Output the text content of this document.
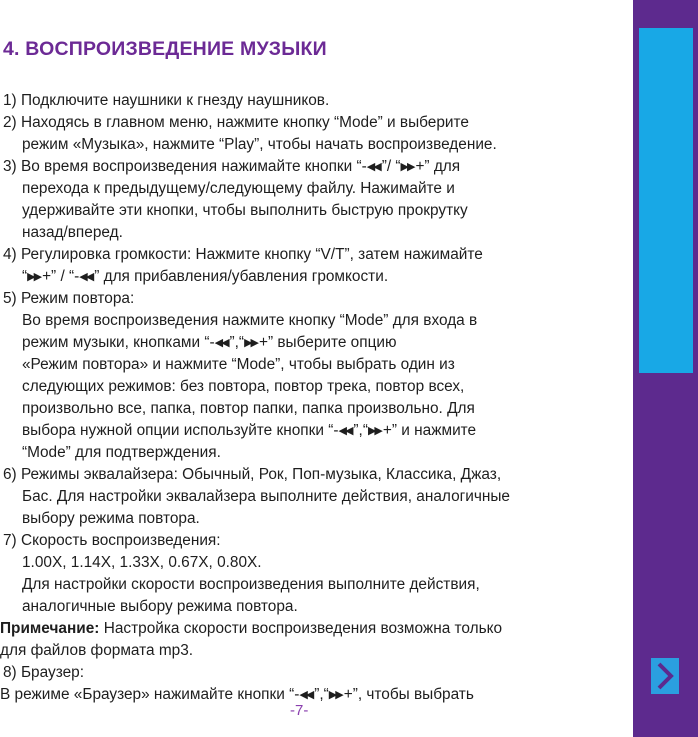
4. ВОСПРОИЗВЕДЕНИЕ МУЗЫКИ
1) Подключите наушники к гнезду наушников.
2) Находясь в главном меню, нажмите кнопку “Mode” и выберите
режим «Музыка», нажмите “Play”, чтобы начать воспроизведение.
3) Во время воспроизведения нажимайте кнопки “-◀◀ ”/ “▶▶ +” для
перехода к предыдущему/следующему файлу. Нажимайте и
удерживайте эти кнопки, чтобы выполнить быструю прокрутку
назад/вперед.
4) Регулировка громкости: Нажмите кнопку “V/T”, затем нажимайте
“▶▶ +” / “-◀◀ ” для прибавления/убавления громкости.
5) Режим повтора:
Во время воспроизведения нажмите кнопку “Mode” для входа в
режим музыки, кнопками “-◀◀ ”,“▶▶ +” выберите опцию
«Режим повтора» и нажмите “Mode”, чтобы выбрать один из
следующих режимов: без повтора, повтор трека, повтор всех,
произвольно все, папка, повтор папки, папка произвольно. Для
выбора нужной опции используйте кнопки “-◀◀ ”,“▶▶ +” и нажмите
“Mode” для подтверждения.
6) Режимы эквалайзера: Обычный, Рок, Поп-музыка, Классика, Джаз,
Бас. Для настройки эквалайзера выполните действия, аналогичные
выбору режима повтора.
7) Скорость воспроизведения:
1.00X, 1.14X, 1.33X, 0.67X, 0.80X.
Для настройки скорости воспроизведения выполните действия,
аналогичные выбору режима повтора.
Примечание: Настройка скорости воспроизведения возможна только
для файлов формата mp3.
8) Браузер:
В режиме «Браузер» нажимайте кнопки “-◀◀ ”,“▶▶ +”, чтобы выбрать
-7-
